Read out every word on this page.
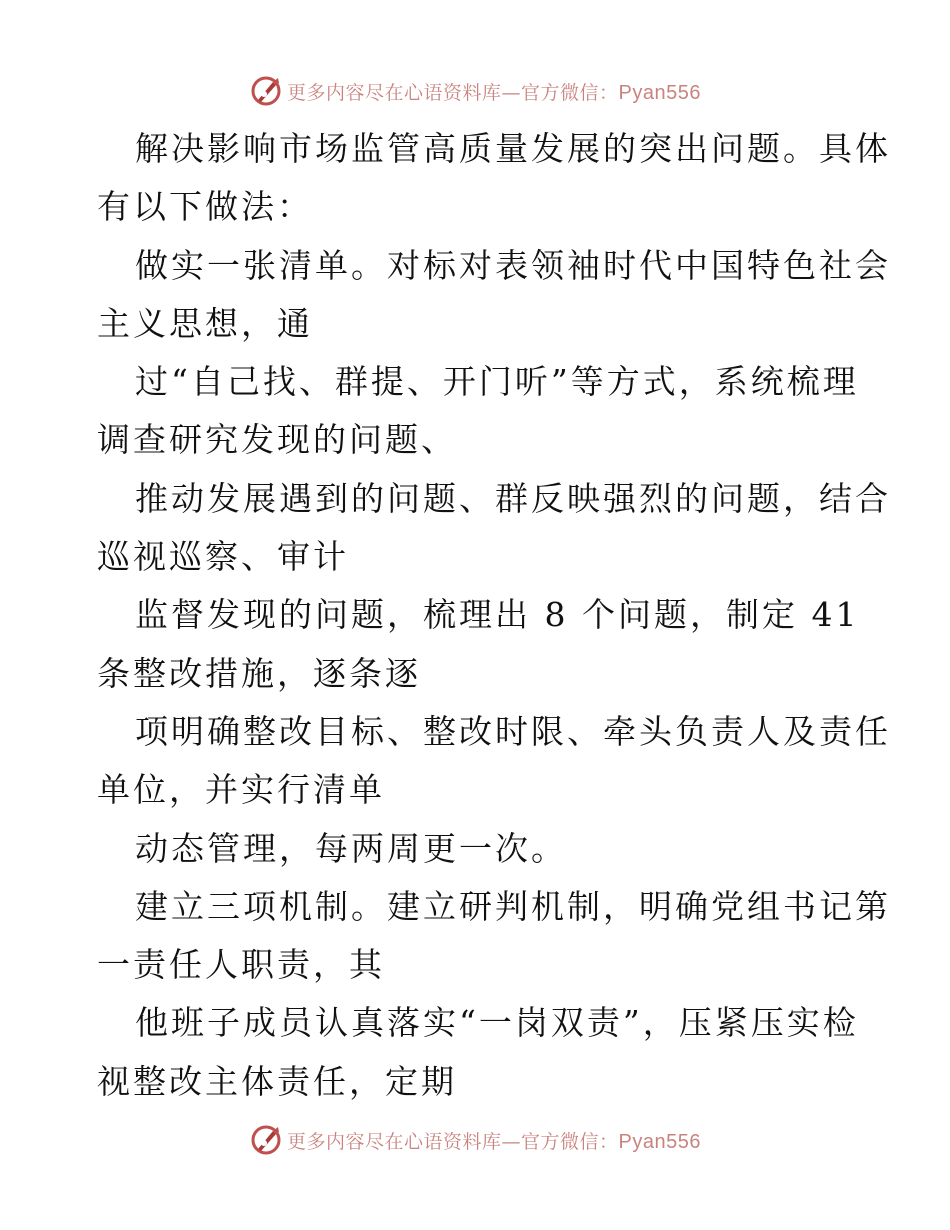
更多内容尽在心语资料库—官方微信：Pyan556
解决影响市场监管高质量发展的突出问题。具体
有以下做法：
做实一张清单。对标对表领袖时代中国特色社会
主义思想，通
过“自己找、群提、开门听”等方式，系统梳理
调查研究发现的问题、
推动发展遇到的问题、群反映强烈的问题，结合
巡视巡察、审计
监督发现的问题，梳理出 8 个问题，制定 41
条整改措施，逐条逐
项明确整改目标、整改时限、牵头负责人及责任
单位，并实行清单
动态管理，每两周更一次。
建立三项机制。建立研判机制，明确党组书记第
一责任人职责，其
他班子成员认真落实“一岗双责”，压紧压实检
视整改主体责任，定期
更多内容尽在心语资料库—官方微信：Pyan556
